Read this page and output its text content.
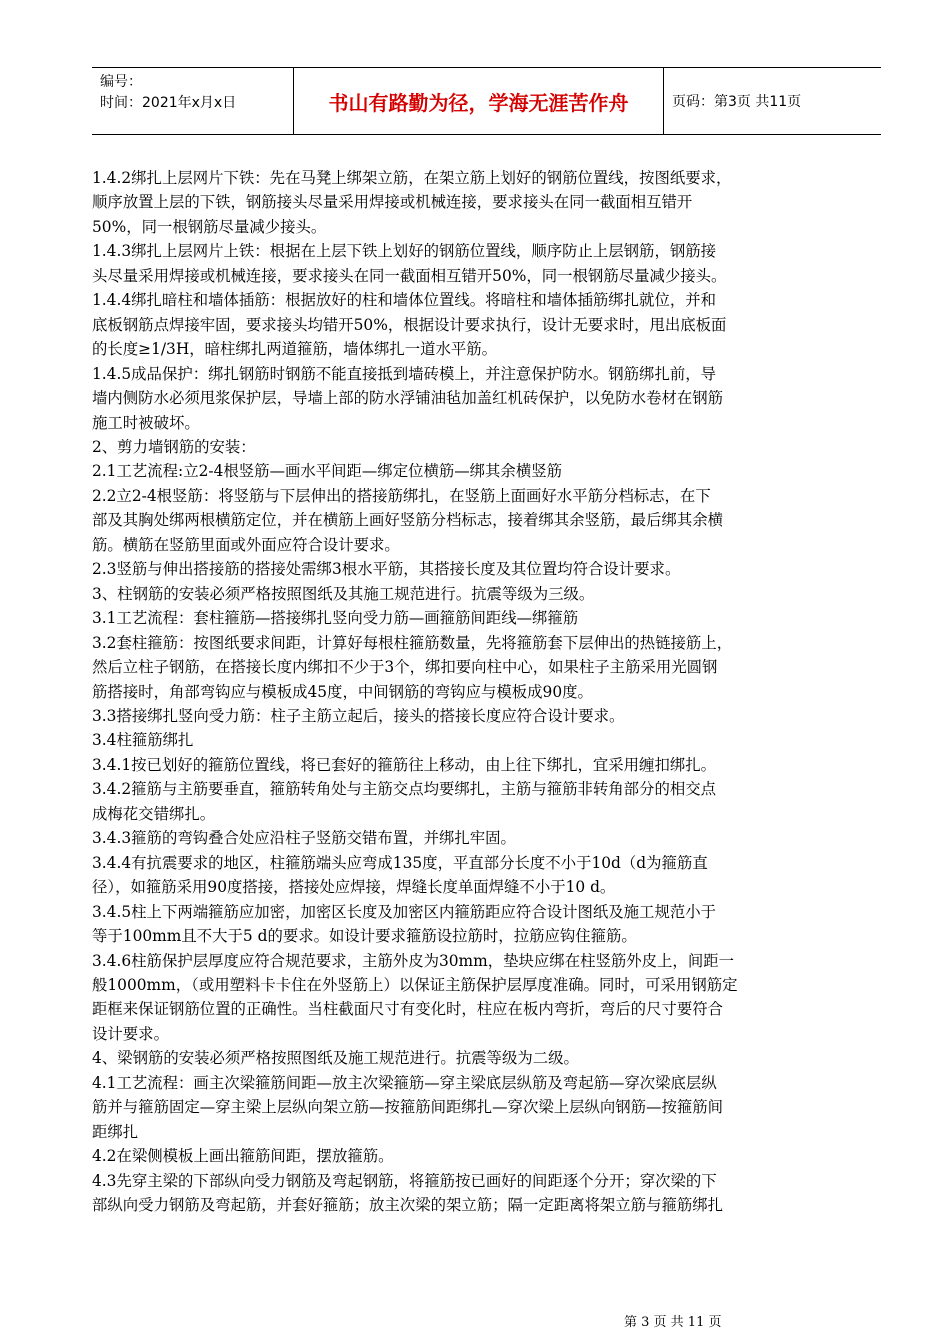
编号：
时间：2021年x月x日	书山有路勤为径，学海无涯苦作舟	页码：第3页 共11页

1.4.2绑扎上层网片下铁：先在马凳上绑架立筋，在架立筋上划好的钢筋位置线，按图纸要求，

顺序放置上层的下铁，钢筋接头尽量采用焊接或机械连接，要求接头在同一截面相互错开

50%，同一根钢筋尽量减少接头。

1.4.3绑扎上层网片上铁：根据在上层下铁上划好的钢筋位置线，顺序防止上层钢筋，钢筋接

头尽量采用焊接或机械连接，要求接头在同一截面相互错开50%，同一根钢筋尽量减少接头。

1.4.4绑扎暗柱和墙体插筋：根据放好的柱和墙体位置线。将暗柱和墙体插筋绑扎就位，并和

底板钢筋点焊接牢固，要求接头均错开50%，根据设计要求执行，设计无要求时，甩出底板面

的长度≥1/3H，暗柱绑扎两道箍筋，墙体绑扎一道水平筋。

1.4.5成品保护：绑扎钢筋时钢筋不能直接抵到墙砖模上，并注意保护防水。钢筋绑扎前，导

墙内侧防水必须甩浆保护层，导墙上部的防水浮铺油毡加盖红机砖保护，以免防水卷材在钢筋

施工时被破坏。

2、剪力墙钢筋的安装：

2.1工艺流程:立2-4根竖筋—画水平间距—绑定位横筋—绑其余横竖筋

2.2立2-4根竖筋：将竖筋与下层伸出的搭接筋绑扎，在竖筋上面画好水平筋分档标志，在下

部及其胸处绑两根横筋定位，并在横筋上画好竖筋分档标志，接着绑其余竖筋，最后绑其余横

筋。横筋在竖筋里面或外面应符合设计要求。

2.3竖筋与伸出搭接筋的搭接处需绑3根水平筋，其搭接长度及其位置均符合设计要求。

3、柱钢筋的安装必须严格按照图纸及其施工规范进行。抗震等级为三级。

3.1工艺流程：套柱箍筋—搭接绑扎竖向受力筋—画箍筋间距线—绑箍筋

3.2套柱箍筋：按图纸要求间距，计算好每根柱箍筋数量，先将箍筋套下层伸出的热链接筋上，

然后立柱子钢筋，在搭接长度内绑扣不少于3个，绑扣要向柱中心，如果柱子主筋采用光圆钢

筋搭接时，角部弯钩应与模板成45度，中间钢筋的弯钩应与模板成90度。

3.3搭接绑扎竖向受力筋：柱子主筋立起后，接头的搭接长度应符合设计要求。

3.4柱箍筋绑扎

3.4.1按已划好的箍筋位置线，将已套好的箍筋往上移动，由上往下绑扎，宜采用缠扣绑扎。

3.4.2箍筋与主筋要垂直，箍筋转角处与主筋交点均要绑扎，主筋与箍筋非转角部分的相交点

成梅花交错绑扎。

3.4.3箍筋的弯钩叠合处应沿柱子竖筋交错布置，并绑扎牢固。

3.4.4有抗震要求的地区，柱箍筋端头应弯成135度，平直部分长度不小于10d（d为箍筋直

径），如箍筋采用90度搭接，搭接处应焊接，焊缝长度单面焊缝不小于10 d。

3.4.5柱上下两端箍筋应加密，加密区长度及加密区内箍筋距应符合设计图纸及施工规范小于

等于100mm且不大于5 d的要求。如设计要求箍筋设拉筋时，拉筋应钩住箍筋。

3.4.6柱筋保护层厚度应符合规范要求，主筋外皮为30mm，垫块应绑在柱竖筋外皮上，间距一

般1000mm，（或用塑料卡卡住在外竖筋上）以保证主筋保护层厚度准确。同时，可采用钢筋定

距框来保证钢筋位置的正确性。当柱截面尺寸有变化时，柱应在板内弯折，弯后的尺寸要符合

设计要求。

4、梁钢筋的安装必须严格按照图纸及施工规范进行。抗震等级为二级。

4.1工艺流程：画主次梁箍筋间距—放主次梁箍筋—穿主梁底层纵筋及弯起筋—穿次梁底层纵

筋并与箍筋固定—穿主梁上层纵向架立筋—按箍筋间距绑扎—穿次梁上层纵向钢筋—按箍筋间

距绑扎

4.2在梁侧模板上画出箍筋间距，摆放箍筋。

4.3先穿主梁的下部纵向受力钢筋及弯起钢筋，将箍筋按已画好的间距逐个分开；穿次梁的下

部纵向受力钢筋及弯起筋，并套好箍筋；放主次梁的架立筋；隔一定距离将架立筋与箍筋绑扎

第 3 页 共 11 页
